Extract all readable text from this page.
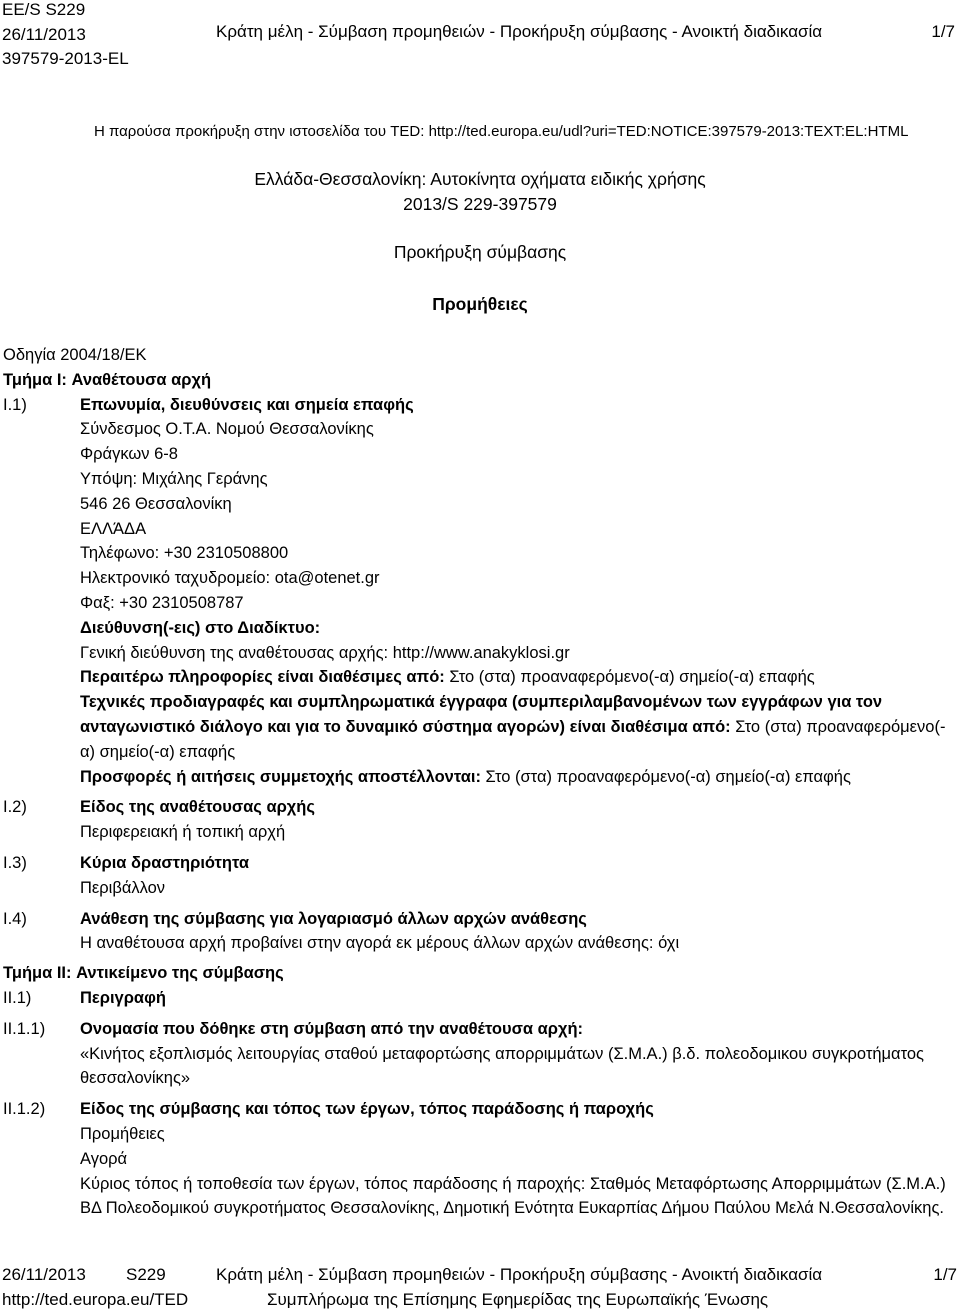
EE/S S229
26/11/2013
397579-2013-EL
Κράτη μέλη - Σύμβαση προμηθειών - Προκήρυξη σύμβασης - Ανοικτή διαδικασία	1/7
Η παρούσα προκήρυξη στην ιστοσελίδα του TED: http://ted.europa.eu/udl?uri=TED:NOTICE:397579-2013:TEXT:EL:HTML
Ελλάδα-Θεσσαλονίκη: Αυτοκίνητα οχήματα ειδικής χρήσης
2013/S 229-397579
Προκήρυξη σύμβασης
Προμήθειες
Οδηγία 2004/18/ΕΚ
Τμήμα I: Αναθέτουσα αρχή
I.1)	Επωνυμία, διευθύνσεις και σημεία επαφής
Σύνδεσμος Ο.Τ.Α. Νομού Θεσσαλονίκης
Φράγκων 6-8
Υπόψη: Μιχάλης Γεράνης
546 26 Θεσσαλονίκη
ΕΛΛΆΔΑ
Τηλέφωνο: +30 2310508800
Ηλεκτρονικό ταχυδρομείο: ota@otenet.gr
Φαξ: +30 2310508787
Διεύθυνση(-εις) στο Διαδίκτυο:
Γενική διεύθυνση της αναθέτουσας αρχής: http://www.anakyklosi.gr
Περαιτέρω πληροφορίες είναι διαθέσιμες από: Στο (στα) προαναφερόμενο(-α) σημείο(-α) επαφής
Τεχνικές προδιαγραφές και συμπληρωματικά έγγραφα (συμπεριλαμβανομένων των εγγράφων για τον ανταγωνιστικό διάλογο και για το δυναμικό σύστημα αγορών) είναι διαθέσιμα από: Στο (στα) προαναφερόμενο(-α) σημείο(-α) επαφής
Προσφορές ή αιτήσεις συμμετοχής αποστέλλονται: Στο (στα) προαναφερόμενο(-α) σημείο(-α) επαφής
I.2)	Είδος της αναθέτουσας αρχής
Περιφερειακή ή τοπική αρχή
I.3)	Κύρια δραστηριότητα
Περιβάλλον
I.4)	Ανάθεση της σύμβασης για λογαριασμό άλλων αρχών ανάθεσης
Η αναθέτουσα αρχή προβαίνει στην αγορά εκ μέρους άλλων αρχών ανάθεσης: όχι
Τμήμα II: Αντικείμενο της σύμβασης
II.1)	Περιγραφή
II.1.1)	Ονομασία που δόθηκε στη σύμβαση από την αναθέτουσα αρχή:
«Κινήτος εξοπλισμός λειτουργίας σταθού μεταφορτώσης απορριμμάτων (Σ.Μ.Α.) β.δ. πολεοδομικου συγκροτήματος θεσσαλονίκης»
II.1.2)	Είδος της σύμβασης και τόπος των έργων, τόπος παράδοσης ή παροχής
Προμήθειες
Αγορά
Κύριος τόπος ή τοποθεσία των έργων, τόπος παράδοσης ή παροχής: Σταθμός Μεταφόρτωσης Απορριμμάτων (Σ.Μ.Α.) ΒΔ Πολεοδομικού συγκροτήματος Θεσσαλονίκης, Δημοτική Ενότητα Ευκαρπίας Δήμου Παύλου Μελά Ν.Θεσσαλονίκης.
26/11/2013 S229	Κράτη μέλη - Σύμβαση προμηθειών - Προκήρυξη σύμβασης - Ανοικτή διαδικασία	1/7
http://ted.europa.eu/TED	Συμπλήρωμα της Επίσημης Εφημερίδας της Ευρωπαϊκής Ένωσης
